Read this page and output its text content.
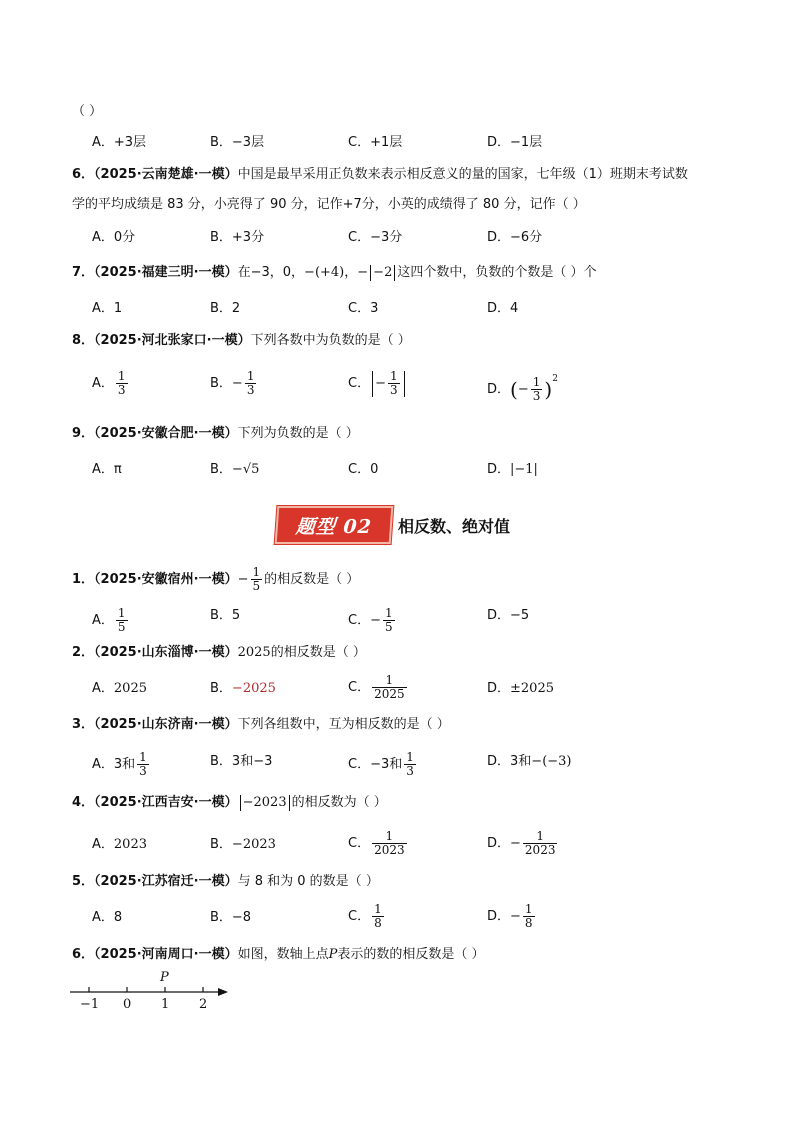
（ ）
A．+3层	B．−3层	C．+1层	D．−1层
6．（2025·云南楚雄·一模）中国是最早采用正负数来表示相反意义的量的国家，七年级（1）班期末考试数
学的平均成绩是 83 分，小亮得了 90 分，记作+7分，小英的成绩得了 80 分，记作（ ）
A．0分	B．+3分	C．−3分	D．−6分
7．（2025·福建三明·一模）在−3，0，−(+4)，− −2 这四个数中，负数的个数是（ ）个
A．1	B．2	C．3	D．4
8．（2025·河北张家口·一模）下列各数中为负数的是（ ）
A． $\frac{1}{3}$	B．− $\frac{1}{3}$	C． − $\frac{1}{3}$	D．(− $\frac{1}{3} )^2$
9．（2025·安徽合肥·一模）下列为负数的是（ ）
A．π	B．−√5	C．0	D．|−1|
题型 02 相反数、绝对值
1．（2025·安徽宿州·一模）− $\frac{1}{5}$ 的相反数是（ ）
A． $\frac{1}{5}$	B．5	C．− $\frac{1}{5}$	D．−5
2．（2025·山东淄博·一模）2025的相反数是（ ）
A．2025	B．−2025	C． $\frac{1}{2025}$	D．±2025
3．（2025·山东济南·一模）下列各组数中，互为相反数的是（ ）
A．3和 $\frac{1}{3}$	B．3和−3	C．−3和 $\frac{1}{3}$	D．3和−(−3)
4．（2025·江西吉安·一模） −2023 的相反数为（ ）
A．2023	B．−2023	C． $\frac{1}{2023}$	D．− $\frac{1}{2023}$
5．（2025·江苏宿迁·一模）与 8 和为 0 的数是（ ）
A．8	B．−8	C． $\frac{1}{8}$	D．− $\frac{1}{8}$
6．（2025·河南周口·一模）如图，数轴上点P表示的数的相反数是（ ）
P
−1 0 1 2
